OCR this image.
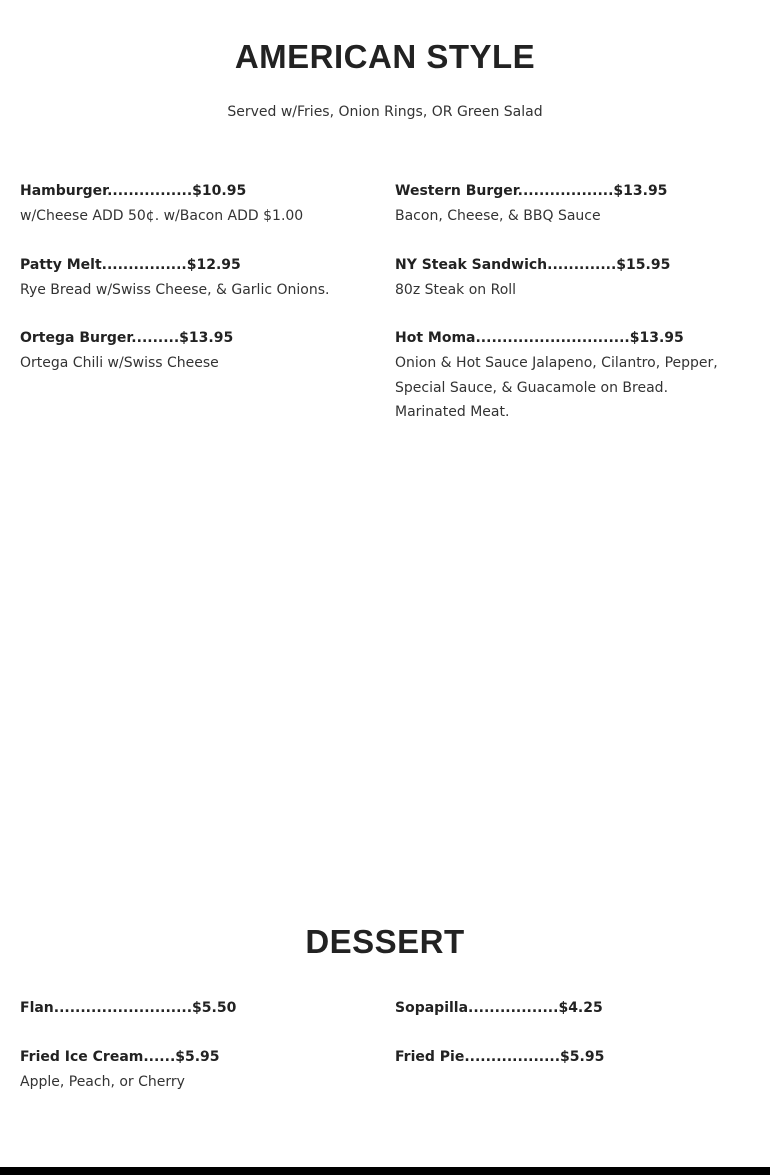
AMERICAN STYLE
Served w/Fries, Onion Rings, OR Green Salad
Hamburger................$10.95
w/Cheese ADD 50¢. w/Bacon ADD $1.00
Patty Melt................$12.95
Rye Bread w/Swiss Cheese, & Garlic Onions.
Ortega Burger.........$13.95
Ortega Chili w/Swiss Cheese
Western Burger..................$13.95
Bacon, Cheese, & BBQ Sauce
NY Steak Sandwich.............$15.95
80z Steak on Roll
Hot Moma.............................$13.95
Onion & Hot Sauce Jalapeno, Cilantro, Pepper, Special Sauce, & Guacamole on Bread. Marinated Meat.
DESSERT
Flan..........................$5.50
Fried Ice Cream......$5.95
Apple, Peach, or Cherry
Sopapilla.................$4.25
Fried Pie..................$5.95
